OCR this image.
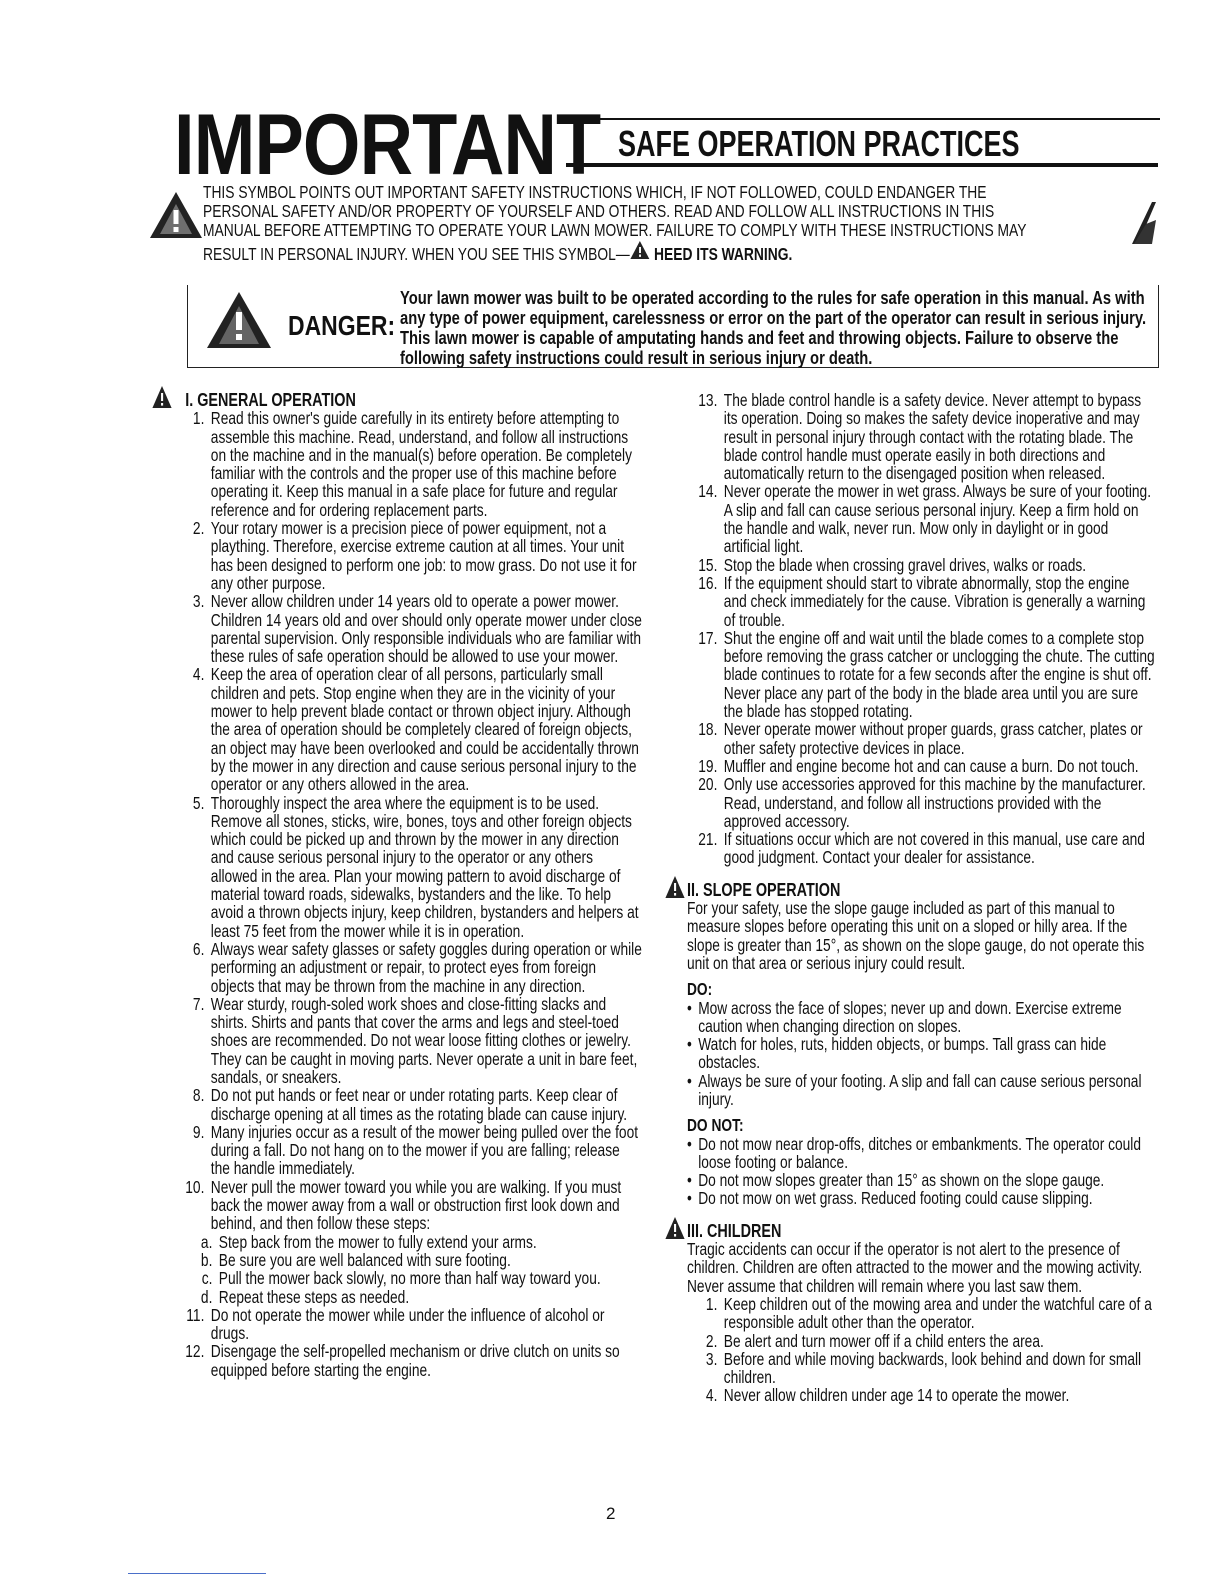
IMPORTANT SAFE OPERATION PRACTICES

THIS SYMBOL POINTS OUT IMPORTANT SAFETY INSTRUCTIONS WHICH, IF NOT FOLLOWED, COULD ENDANGER THE PERSONAL SAFETY AND/OR PROPERTY OF YOURSELF AND OTHERS. READ AND FOLLOW ALL INSTRUCTIONS IN THIS MANUAL BEFORE ATTEMPTING TO OPERATE YOUR LAWN MOWER. FAILURE TO COMPLY WITH THESE INSTRUCTIONS MAY RESULT IN PERSONAL INJURY. WHEN YOU SEE THIS SYMBOL— HEED ITS WARNING.

DANGER:

Your lawn mower was built to be operated according to the rules for safe operation in this manual. As with any type of power equipment, carelessness or error on the part of the operator can result in serious injury. This lawn mower is capable of amputating hands and feet and throwing objects. Failure to observe the following safety instructions could result in serious injury or death.

I. GENERAL OPERATION
1. Read this owner's guide carefully in its entirety before attempting to assemble this machine. Read, understand, and follow all instructions on the machine and in the manual(s) before operation. Be completely familiar with the controls and the proper use of this machine before operating it. Keep this manual in a safe place for future and regular reference and for ordering replacement parts.
2. Your rotary mower is a precision piece of power equipment, not a plaything. Therefore, exercise extreme caution at all times. Your unit has been designed to perform one job: to mow grass. Do not use it for any other purpose.
3. Never allow children under 14 years old to operate a power mower. Children 14 years old and over should only operate mower under close parental supervision. Only responsible individuals who are familiar with these rules of safe operation should be allowed to use your mower.
4. Keep the area of operation clear of all persons, particularly small children and pets. Stop engine when they are in the vicinity of your mower to help prevent blade contact or thrown object injury. Although the area of operation should be completely cleared of foreign objects, an object may have been overlooked and could be accidentally thrown by the mower in any direction and cause serious personal injury to the operator or any others allowed in the area.
5. Thoroughly inspect the area where the equipment is to be used. Remove all stones, sticks, wire, bones, toys and other foreign objects which could be picked up and thrown by the mower in any direction and cause serious personal injury to the operator or any others allowed in the area. Plan your mowing pattern to avoid discharge of material toward roads, sidewalks, bystanders and the like. To help avoid a thrown objects injury, keep children, bystanders and helpers at least 75 feet from the mower while it is in operation.
6. Always wear safety glasses or safety goggles during operation or while performing an adjustment or repair, to protect eyes from foreign objects that may be thrown from the machine in any direction.
7. Wear sturdy, rough-soled work shoes and close-fitting slacks and shirts. Shirts and pants that cover the arms and legs and steel-toed shoes are recommended. Do not wear loose fitting clothes or jewelry. They can be caught in moving parts. Never operate a unit in bare feet, sandals, or sneakers.
8. Do not put hands or feet near or under rotating parts. Keep clear of discharge opening at all times as the rotating blade can cause injury.
9. Many injuries occur as a result of the mower being pulled over the foot during a fall. Do not hang on to the mower if you are falling; release the handle immediately.
10. Never pull the mower toward you while you are walking. If you must back the mower away from a wall or obstruction first look down and behind, and then follow these steps:
a. Step back from the mower to fully extend your arms.
b. Be sure you are well balanced with sure footing.
c. Pull the mower back slowly, no more than half way toward you.
d. Repeat these steps as needed.
11. Do not operate the mower while under the influence of alcohol or drugs.
12. Disengage the self-propelled mechanism or drive clutch on units so equipped before starting the engine.
13. The blade control handle is a safety device. Never attempt to bypass its operation. Doing so makes the safety device inoperative and may result in personal injury through contact with the rotating blade. The blade control handle must operate easily in both directions and automatically return to the disengaged position when released.
14. Never operate the mower in wet grass. Always be sure of your footing. A slip and fall can cause serious personal injury. Keep a firm hold on the handle and walk, never run. Mow only in daylight or in good artificial light.
15. Stop the blade when crossing gravel drives, walks or roads.
16. If the equipment should start to vibrate abnormally, stop the engine and check immediately for the cause. Vibration is generally a warning of trouble.
17. Shut the engine off and wait until the blade comes to a complete stop before removing the grass catcher or unclogging the chute. The cutting blade continues to rotate for a few seconds after the engine is shut off. Never place any part of the body in the blade area until you are sure the blade has stopped rotating.
18. Never operate mower without proper guards, grass catcher, plates or other safety protective devices in place.
19. Muffler and engine become hot and can cause a burn. Do not touch.
20. Only use accessories approved for this machine by the manufacturer. Read, understand, and follow all instructions provided with the approved accessory.
21. If situations occur which are not covered in this manual, use care and good judgment. Contact your dealer for assistance.
II. SLOPE OPERATION

For your safety, use the slope gauge included as part of this manual to measure slopes before operating this unit on a sloped or hilly area. If the slope is greater than 15°, as shown on the slope gauge, do not operate this unit on that area or serious injury could result.

DO:
• Mow across the face of slopes; never up and down. Exercise extreme caution when changing direction on slopes.
• Watch for holes, ruts, hidden objects, or bumps. Tall grass can hide obstacles.
• Always be sure of your footing. A slip and fall can cause serious personal injury.
DO NOT:
• Do not mow near drop-offs, ditches or embankments. The operator could loose footing or balance.
• Do not mow slopes greater than 15° as shown on the slope gauge.
• Do not mow on wet grass. Reduced footing could cause slipping.
III. CHILDREN

Tragic accidents can occur if the operator is not alert to the presence of children. Children are often attracted to the mower and the mowing activity. Never assume that children will remain where you last saw them.

1. Keep children out of the mowing area and under the watchful care of a responsible adult other than the operator.
2. Be alert and turn mower off if a child enters the area.
3. Before and while moving backwards, look behind and down for small children.
4. Never allow children under age 14 to operate the mower.
2
